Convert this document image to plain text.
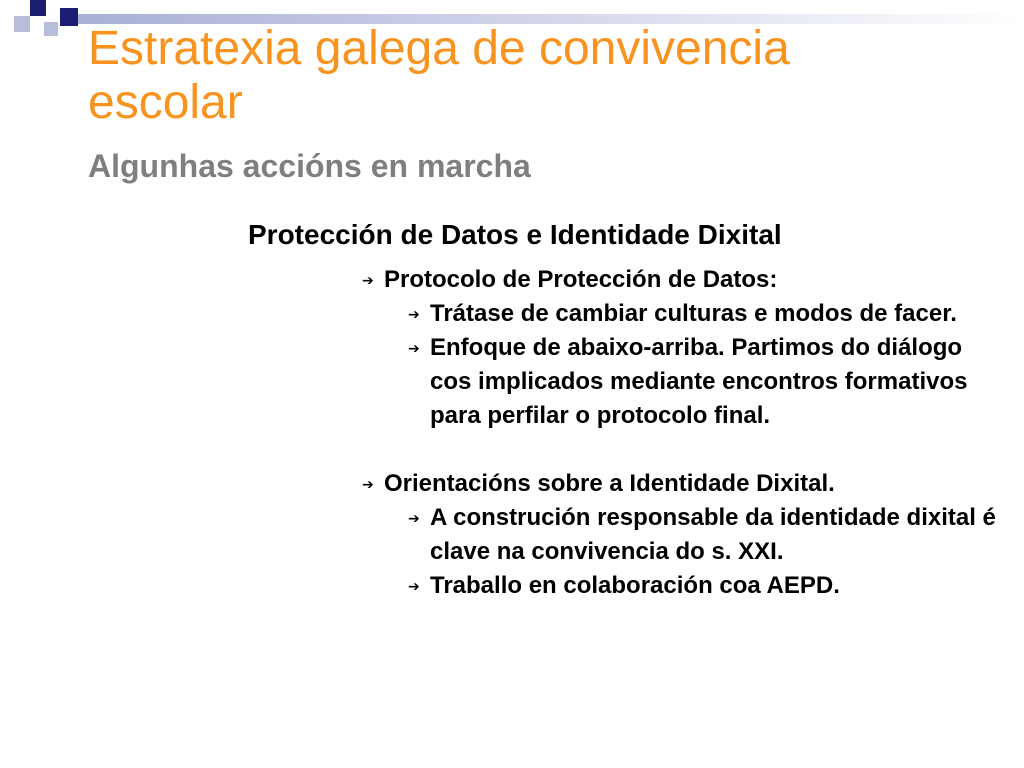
Estratexia galega de convivencia
escolar
Algunhas accións en marcha
Protección de Datos e Identidade Dixital
➔ Protocolo de Protección de Datos:
➔ Trátase de cambiar culturas e modos de facer.
➔ Enfoque de abaixo-arriba. Partimos do diálogo cos implicados mediante encontros formativos para perfilar o protocolo final.
➔ Orientacións sobre a Identidade Dixital.
➔ A construción responsable da identidade dixital é clave na convivencia do s. XXI.
➔ Traballo en colaboración coa AEPD.
